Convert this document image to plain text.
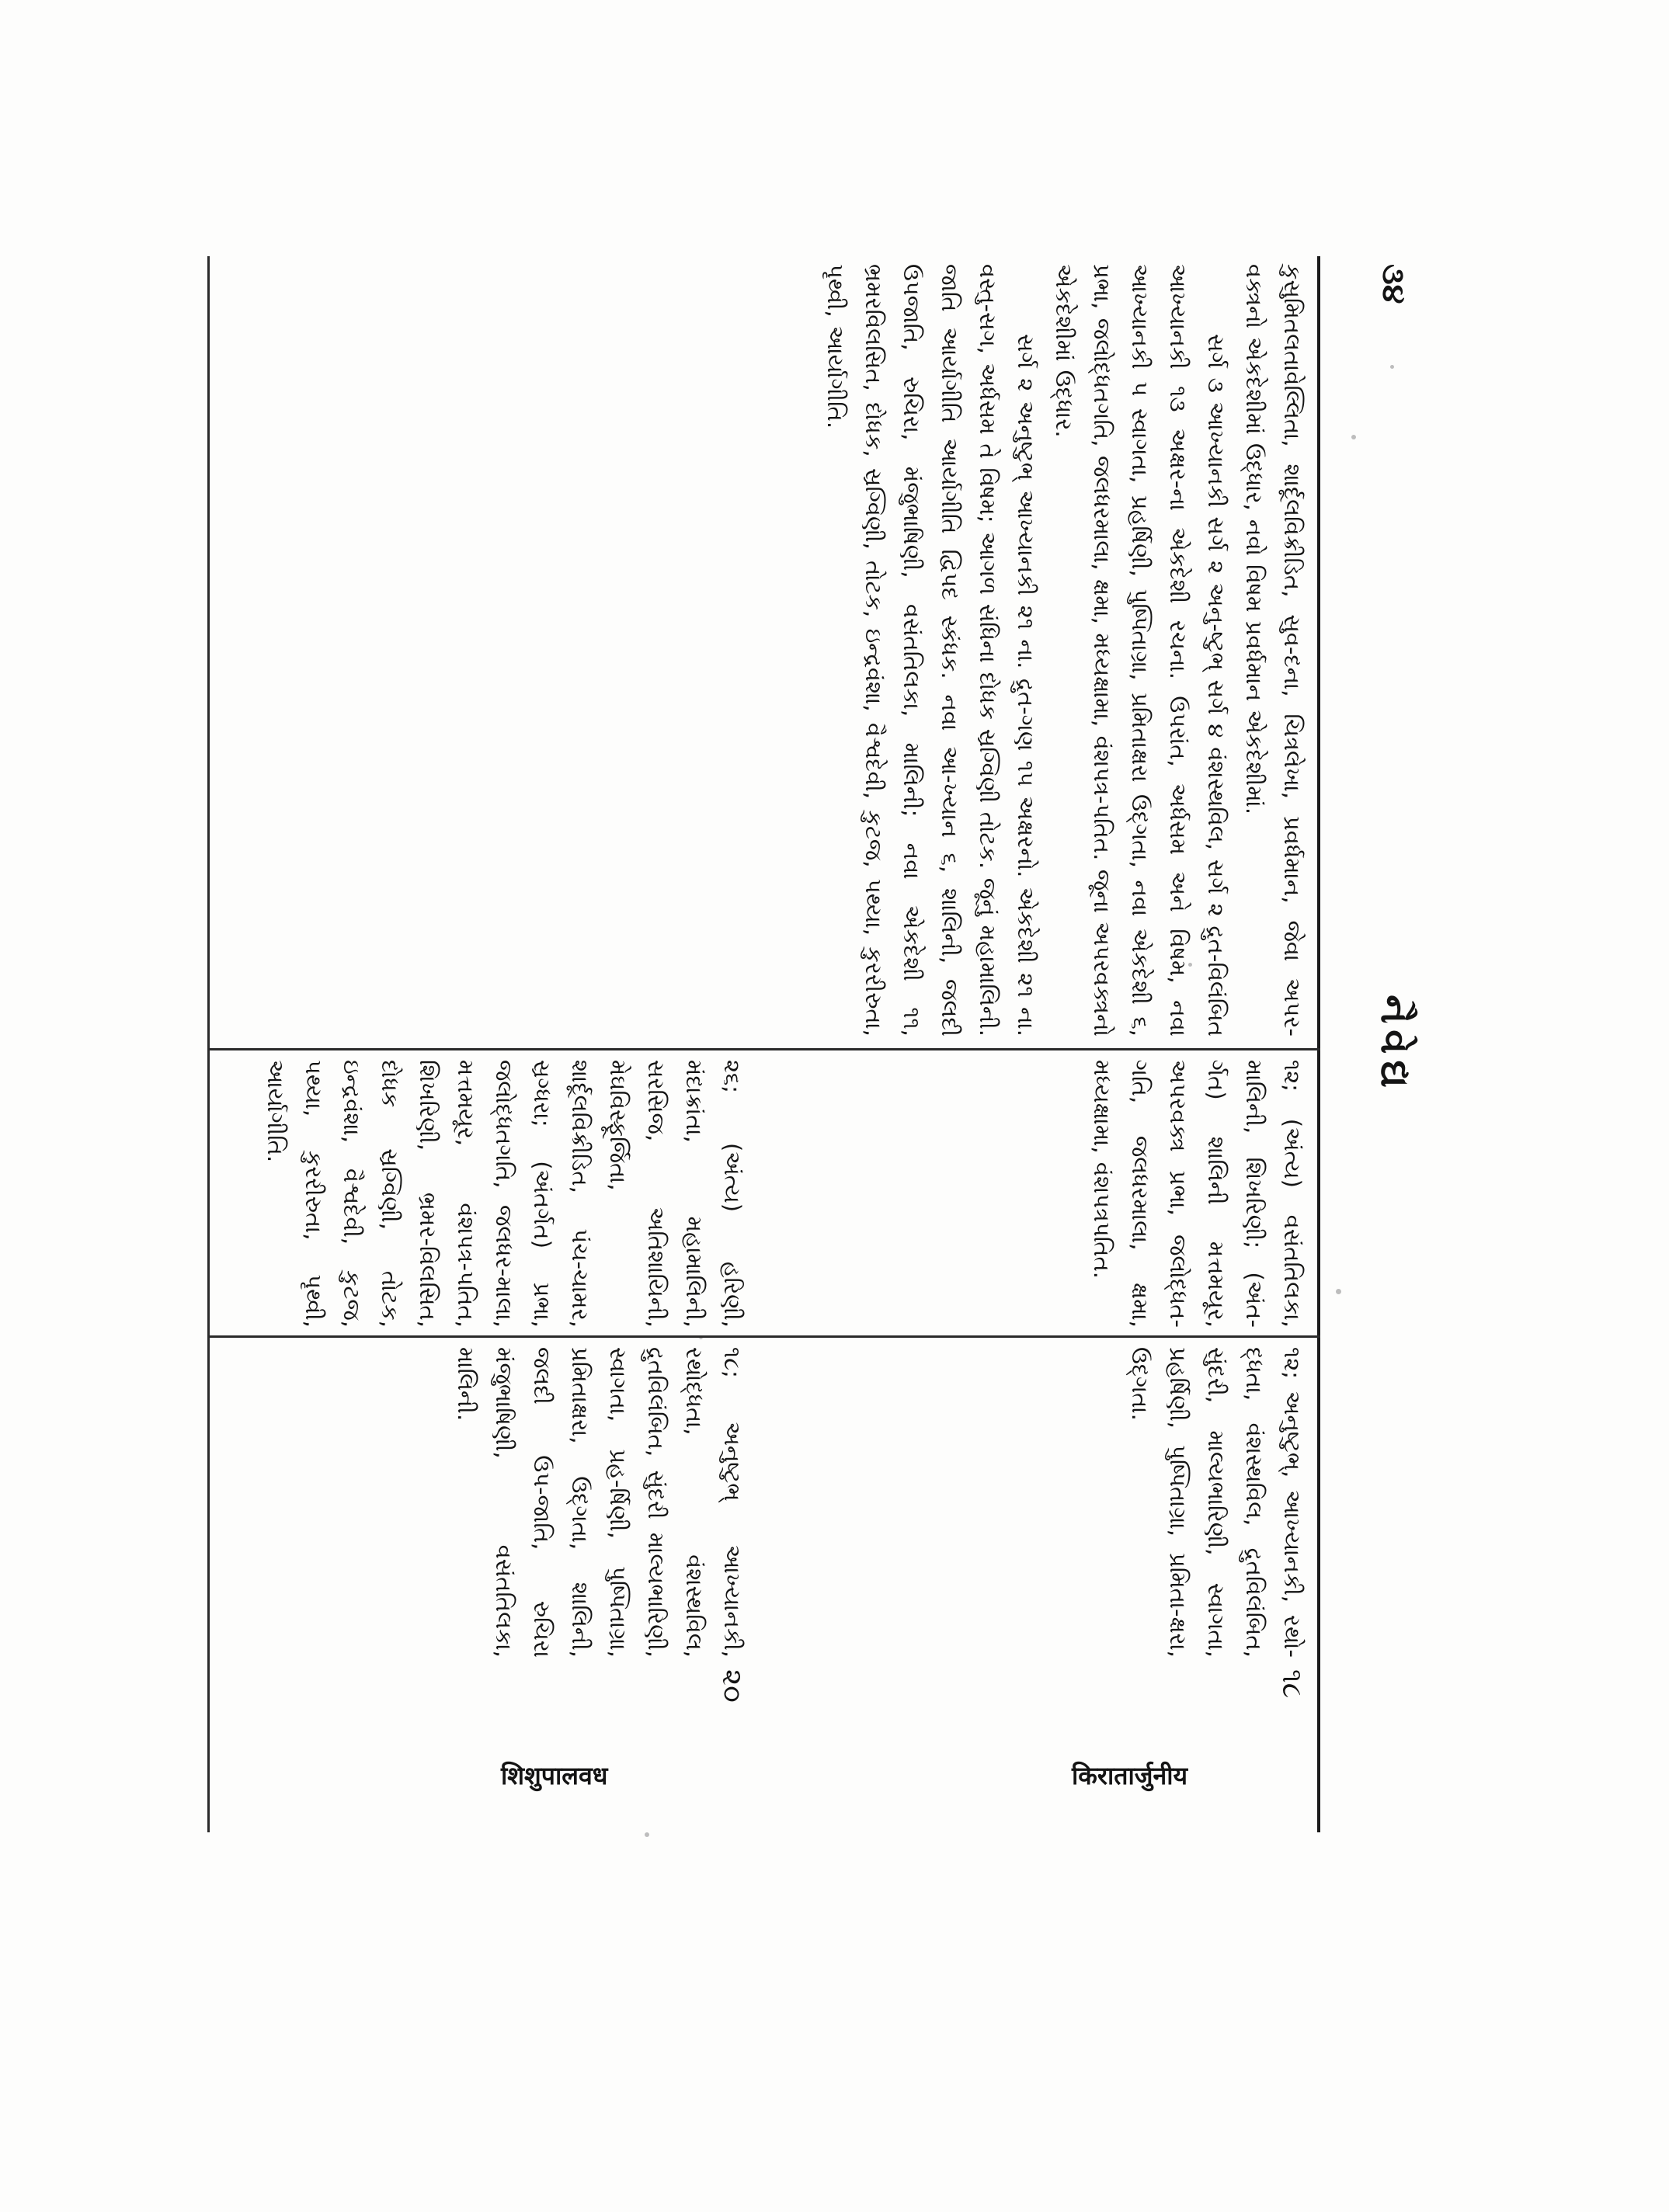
૩૪
નૈવેદ્ય

કુસુમિતલતાવેલ્લિતા, શાર્દૂલવિક્રીડિત, સુવ-દના, ચિત્રલેખા, પ્રવર્ધમાન, જેવા અપર-વક્ત્રનો એકદેશીમાં ઉદ્ધાર, નવો વિષમ પ્રવર્ધમાન એકદેશીમાં.

સર્ગ ૩ આખ્યાનકી સર્ગ ૨ અનુ-ષ્ટુભ્ સર્ગ ૪ વંશસ્થવિલ, સર્ગ ૨ દ્રુત-વિલંબિત આખ્યાનકી ૧૩ અક્ષર-ના એકદેશી રચના. ઉપરાંત, અર્ધસમ અને વિષમ, નવા આખ્યાનકી ૫ સ્વાગતા, પ્રહર્ષિણી, પુષ્પિતાગ્રા, પ્રમિતાક્ષરા ઉદ્ગતા, નવા એકદેશી ૬, પ્રભા, જલોદ્ધતગતિ, જલધરમાલા, ક્ષમા, મધ્યક્ષામા, વંશપત્ર-પતિત. જૂના અપરવક્ત્રનો એકદેશીમાં ઉદ્ધાર.

સર્ગ ૨ અનુષ્ટુભ્ આખ્યાનકી ૨૧ ના. દ્રુત-ગણ ૧૫ અક્ષરનો. એકદેશી ૨૧ ના. વસ્તુ-સગ, અર્ધસમ તે વિષમ; આગળ સંધિના દોધક સ્રગ્વિણી તોટક. જૂનું મહામાલિની. જાતિ આર્યાગીતિ આર્યાગીતિ દ્વિપદ સ્કંધક. નવા આ-ખ્યાન ૬, શાલિની, જલદી ઉપજાતિ, રુચિરા, મંજુભાષિણી, વસંતતિલકા, માલિની; નવા એકદેશી ૧૧, ભ્રમરવિલસિત, દોધક, સ્રગ્વિણી, તોટક, ઇન્દ્રવંશા, વૈશ્વદેવી, કુટજ, પથ્યા, કુરરીરુતા, પૃથ્વી, આર્યાગીતિ.

૧૨; (અંત્ય) વસંતતિલકા, માલિની, શિખરિણી; (અંત-ર્ગત) શાલિની મત્તમયૂર, અપરવક્ત્ર પ્રભા, જલોદ્ધત-ગતિ, જલધરમાલા, ક્ષમા, મધ્યક્ષામા, વંશપત્રપતિત.

૧૨; અનુષ્ટુભ્, આખ્યાનકી, રથો-દ્ધતા, વંશસ્થવિલ, દ્રુતવિલંબિત, સુંદરી, માલ્યભારિણી, સ્વાગતા, પ્રહર્ષિણી, પુષ્પિતાગ્રા, પ્રમિતા-ક્ષરા, ઉદ્ગતા.

૧૮
किरातार्जुनीय

૨૬; (અંત્ય) હરિણી, મંદાક્રાંતા, મહામાલિની, સરસિજ, અતિશાયિની, મેઘવિસ્ફૂર્જિતા, શાર્દૂલવિક્રીડિત, પંચ-ચામર, સ્રગ્ધરા; (અંતર્ગત) પ્રભા, જલોદ્ધતગતિ, જલધર-માલા, મત્તમયૂર, વંશપત્ર-પતિત, શિખરિણી, ભ્રમર-વિલસિત, દોધક સ્રગ્વિણી, તોટક, ઇન્દ્રવંશા, વૈશ્વદેવી, કુટજ, પથ્યા, કુરરીરુતા, પૃથ્વી, આર્યાગીતિ.

૧૮; અનુષ્ટુભ્ આખ્યાનકી, રથોદ્ધતા, વંશસ્થવિલ, દ્રુતવિલંબિત, સુંદરી માલ્યભારિણી, સ્વાગતા, પ્રહ-ર્ષિણી, પુષ્પિતાગ્રા, પ્રમિતાક્ષરા, ઉદ્ગતા, શાલિની, જલદી ઉપ-જાતિ, રુચિરા મંજુભાષિણી, વસંતતિલકા, માલિની.

૨૦
शिशुपालवध
